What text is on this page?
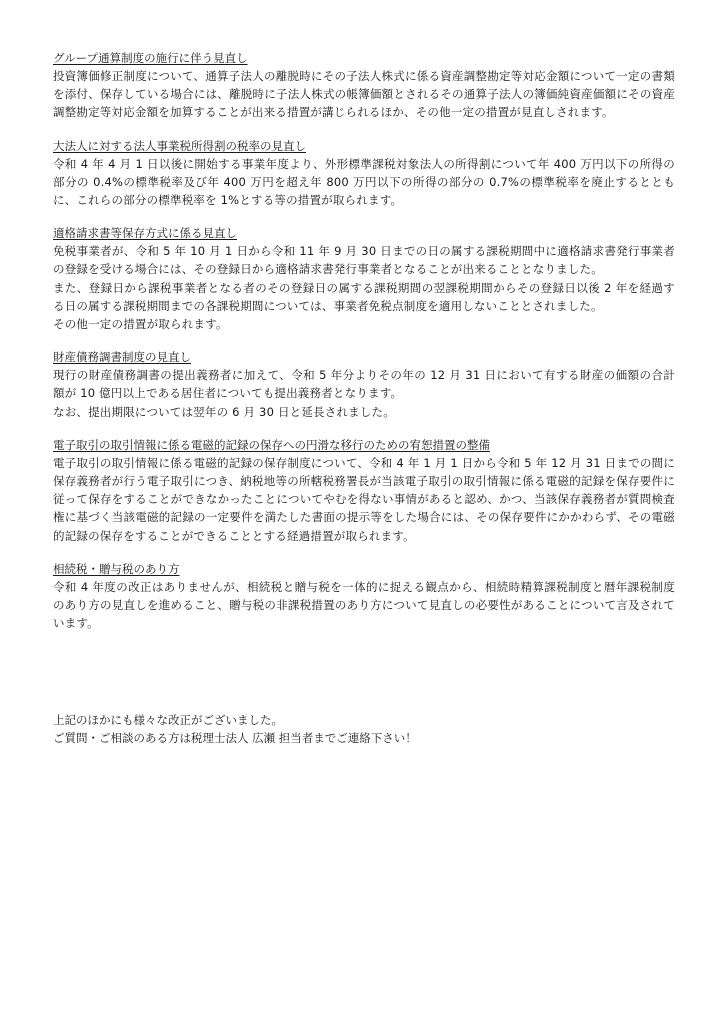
グループ通算制度の施行に伴う見直し

投資簿価修正制度について、通算子法人の離脱時にその子法人株式に係る資産調整勘定等対応金額について一定の書類を添付、保存している場合には、離脱時に子法人株式の帳簿価額とされるその通算子法人の簿価純資産価額にその資産調整勘定等対応金額を加算することが出来る措置が講じられるほか、その他一定の措置が見直しされます。

大法人に対する法人事業税所得割の税率の見直し

令和 4 年 4 月 1 日以後に開始する事業年度より、外形標準課税対象法人の所得割について年 400 万円以下の所得の部分の 0.4%の標準税率及び年 400 万円を超え年 800 万円以下の所得の部分の 0.7%の標準税率を廃止するとともに、これらの部分の標準税率を 1%とする等の措置が取られます。

適格請求書等保存方式に係る見直し

免税事業者が、令和 5 年 10 月 1 日から令和 11 年 9 月 30 日までの日の属する課税期間中に適格請求書発行事業者の登録を受ける場合には、その登録日から適格請求書発行事業者となることが出来ることとなりました。

また、登録日から課税事業者となる者のその登録日の属する課税期間の翌課税期間からその登録日以後 2 年を経過する日の属する課税期間までの各課税期間については、事業者免税点制度を適用しないこととされました。

その他一定の措置が取られます。

財産債務調書制度の見直し

現行の財産債務調書の提出義務者に加えて、令和 5 年分よりその年の 12 月 31 日において有する財産の価額の合計額が 10 億円以上である居住者についても提出義務者となります。

なお、提出期限については翌年の 6 月 30 日と延長されました。

電子取引の取引情報に係る電磁的記録の保存への円滑な移行のための宥恕措置の整備

電子取引の取引情報に係る電磁的記録の保存制度について、令和 4 年 1 月 1 日から令和 5 年 12 月 31 日までの間に保存義務者が行う電子取引につき、納税地等の所轄税務署長が当該電子取引の取引情報に係る電磁的記録を保存要件に従って保存をすることができなかったことについてやむを得ない事情があると認め、かつ、当該保存義務者が質問検査権に基づく当該電磁的記録の一定要件を満たした書面の提示等をした場合には、その保存要件にかかわらず、その電磁的記録の保存をすることができることとする経過措置が取られます。

相続税・贈与税のあり方

令和 4 年度の改正はありませんが、相続税と贈与税を一体的に捉える観点から、相続時精算課税制度と暦年課税制度のあり方の見直しを進めること、贈与税の非課税措置のあり方について見直しの必要性があることについて言及されています。

上記のほかにも様々な改正がございました。
ご質問・ご相談のある方は税理士法人 広瀬 担当者までご連絡下さい！
